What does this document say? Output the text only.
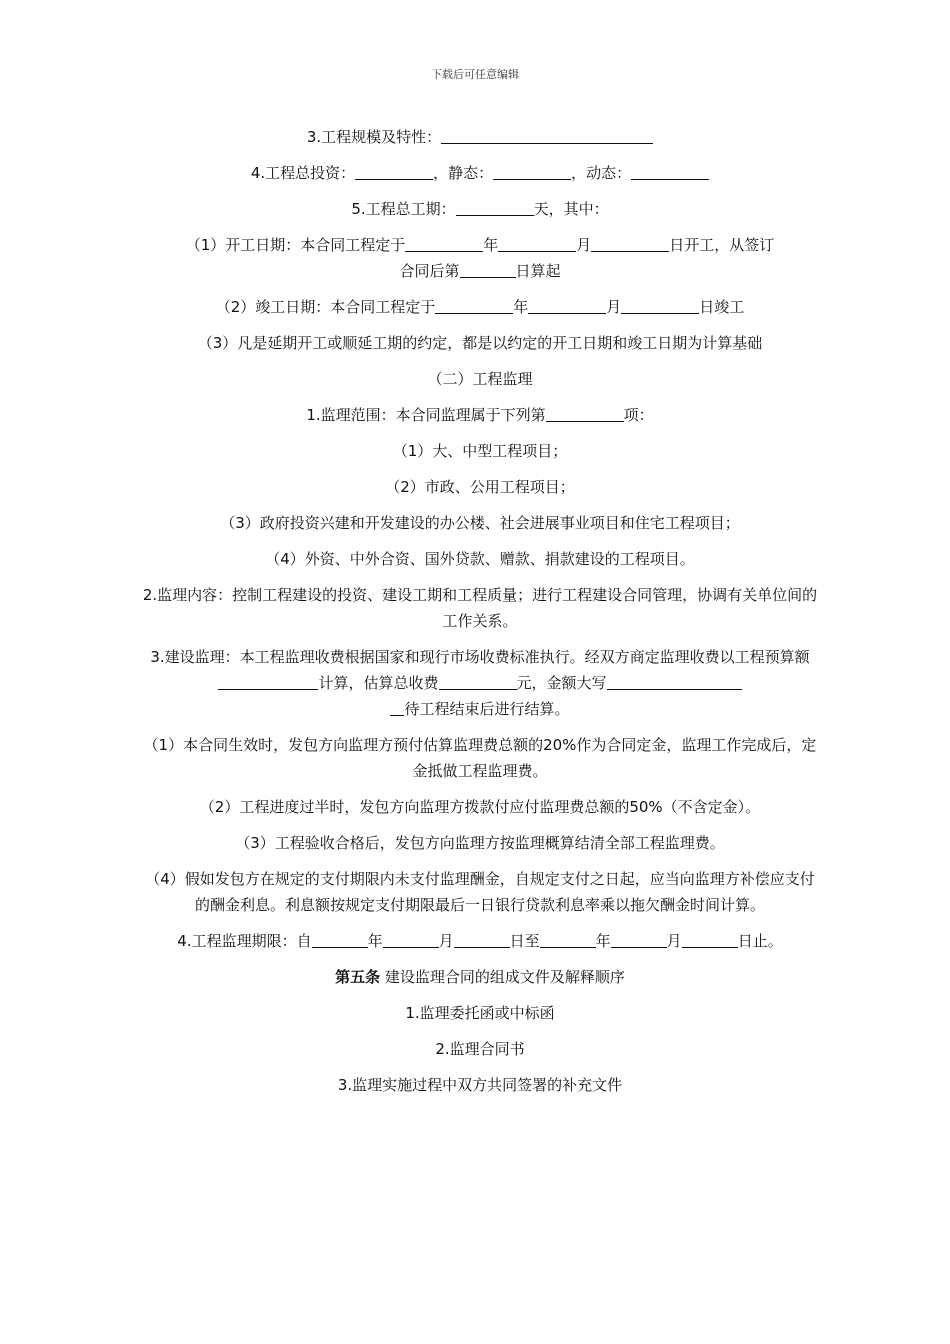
下载后可任意编辑

3.工程规模及特性：

4.工程总投资：	，静态：	，动态：

5.工程总工期：	天，其中：

（1）开工日期：本合同工程定于	年	月	日开工，从签订
合同后第	日算起

（2）竣工日期：本合同工程定于	年	月	日竣工

（3）凡是延期开工或顺延工期的约定，都是以约定的开工日期和竣工日期为计算基础

（二）工程监理

1.监理范围：本合同监理属于下列第	项：

（1）大、中型工程项目；

（2）市政、公用工程项目；

（3）政府投资兴建和开发建设的办公楼、社会进展事业项目和住宅工程项目；

（4）外资、中外合资、国外贷款、赠款、捐款建设的工程项目。

2.监理内容：控制工程建设的投资、建设工期和工程质量；进行工程建设合同管理，协调有关单位间的工作关系。

3.建设监理：本工程监理收费根据国家和现行市场收费标准执行。经双方商定监理收费以工程预算额计算，估算总收费	元，金额大写
待工程结束后进行结算。

（1）本合同生效时，发包方向监理方预付估算监理费总额的20%作为合同定金，监理工作完成后，定金抵做工程监理费。

（2）工程进度过半时，发包方向监理方拨款付应付监理费总额的50%（不含定金）。

（3）工程验收合格后，发包方向监理方按监理概算结清全部工程监理费。

（4）假如发包方在规定的支付期限内未支付监理酬金，自规定支付之日起，应当向监理方补偿应支付的酬金利息。利息额按规定支付期限最后一日银行贷款利息率乘以拖欠酬金时间计算。

4.工程监理期限：自	年	月	日至	年	月	日止。

第五条 建设监理合同的组成文件及解释顺序

1.监理委托函或中标函

2.监理合同书

3.监理实施过程中双方共同签署的补充文件
